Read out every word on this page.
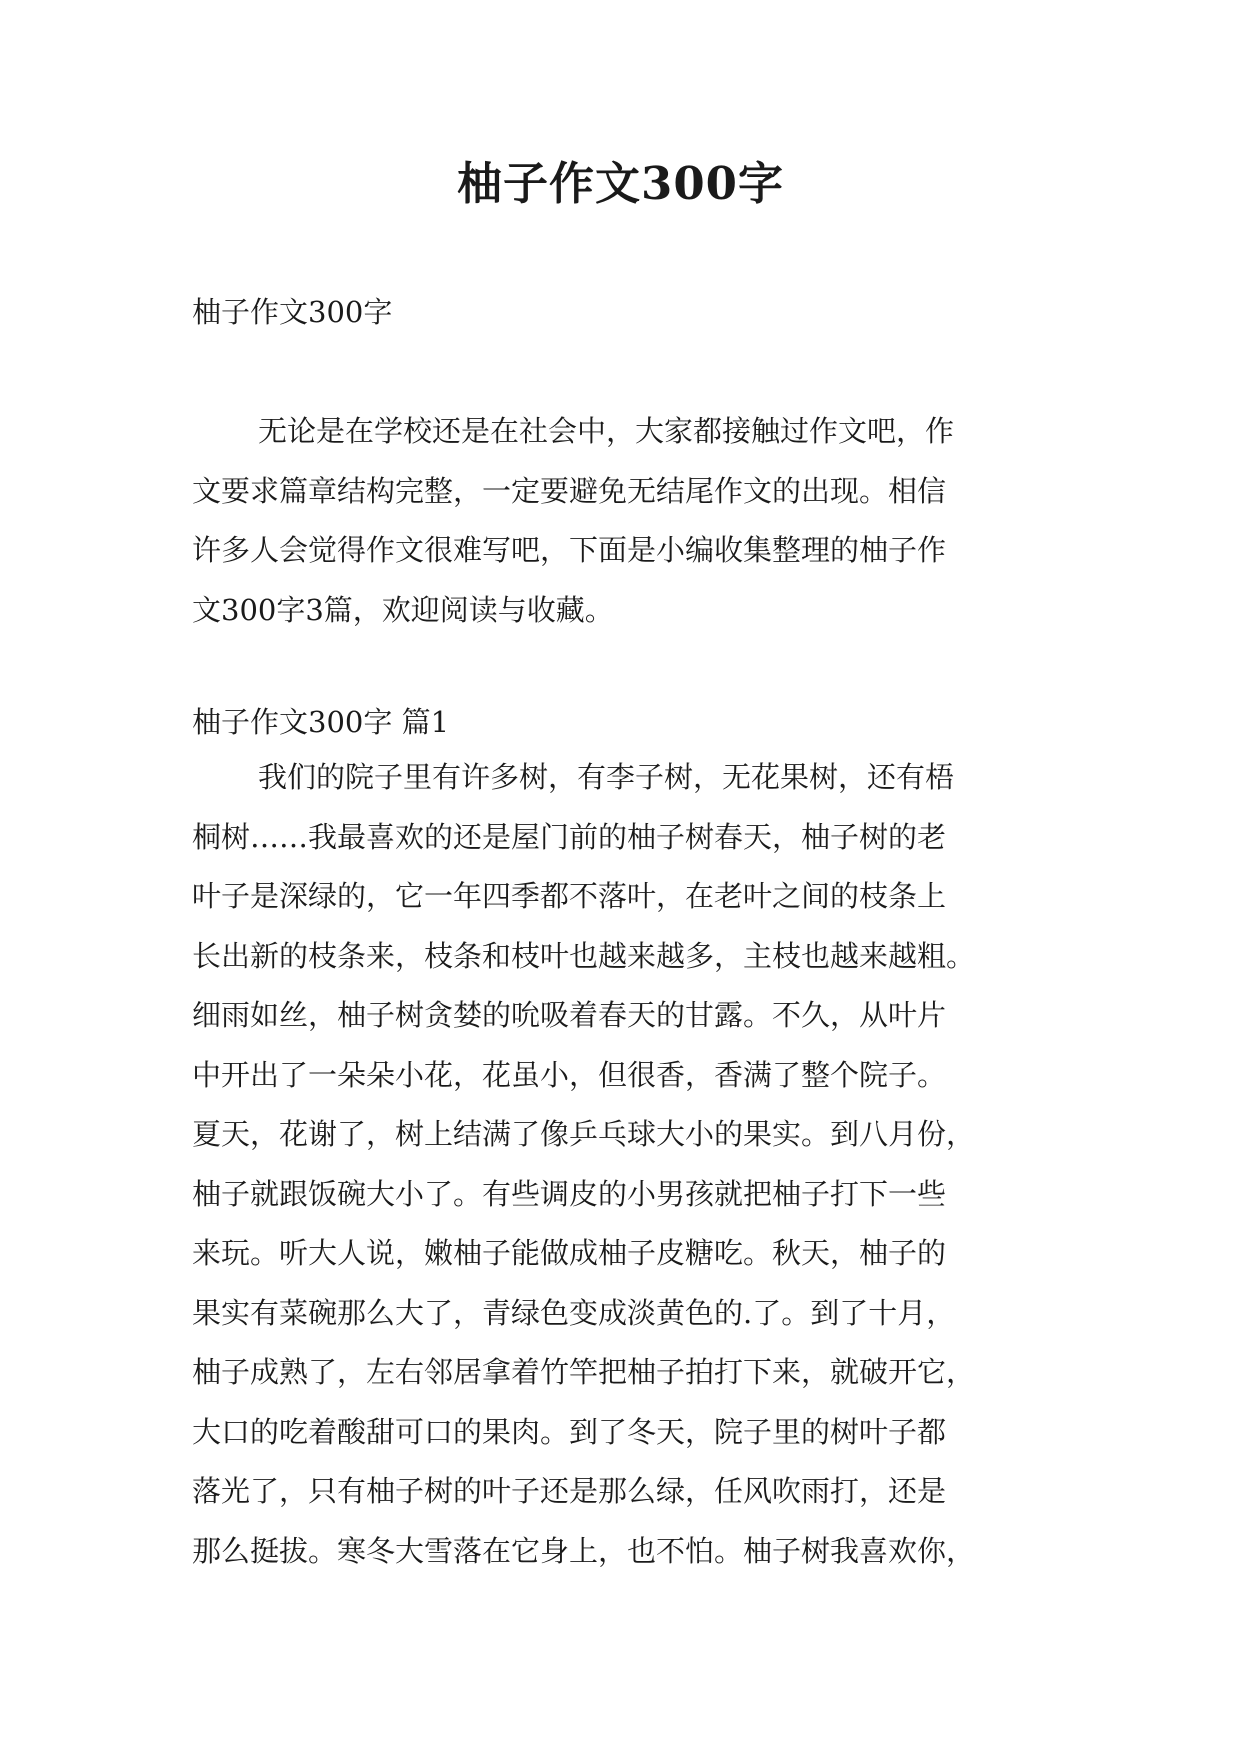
柚子作文300字

柚子作文300字

无论是在学校还是在社会中，大家都接触过作文吧，作
文要求篇章结构完整，一定要避免无结尾作文的出现。相信
许多人会觉得作文很难写吧，下面是小编收集整理的柚子作
文300字3篇，欢迎阅读与收藏。

柚子作文300字 篇1

我们的院子里有许多树，有李子树，无花果树，还有梧
桐树……我最喜欢的还是屋门前的柚子树春天，柚子树的老
叶子是深绿的，它一年四季都不落叶，在老叶之间的枝条上
长出新的枝条来，枝条和枝叶也越来越多，主枝也越来越粗。
细雨如丝，柚子树贪婪的吮吸着春天的甘露。不久，从叶片
中开出了一朵朵小花，花虽小，但很香，香满了整个院子。
夏天，花谢了，树上结满了像乒乓球大小的果实。到八月份，
柚子就跟饭碗大小了。有些调皮的小男孩就把柚子打下一些
来玩。听大人说，嫩柚子能做成柚子皮糖吃。秋天，柚子的
果实有菜碗那么大了，青绿色变成淡黄色的.了。到了十月，
柚子成熟了，左右邻居拿着竹竿把柚子拍打下来，就破开它，
大口的吃着酸甜可口的果肉。到了冬天，院子里的树叶子都
落光了，只有柚子树的叶子还是那么绿，任风吹雨打，还是
那么挺拔。寒冬大雪落在它身上，也不怕。柚子树我喜欢你，
